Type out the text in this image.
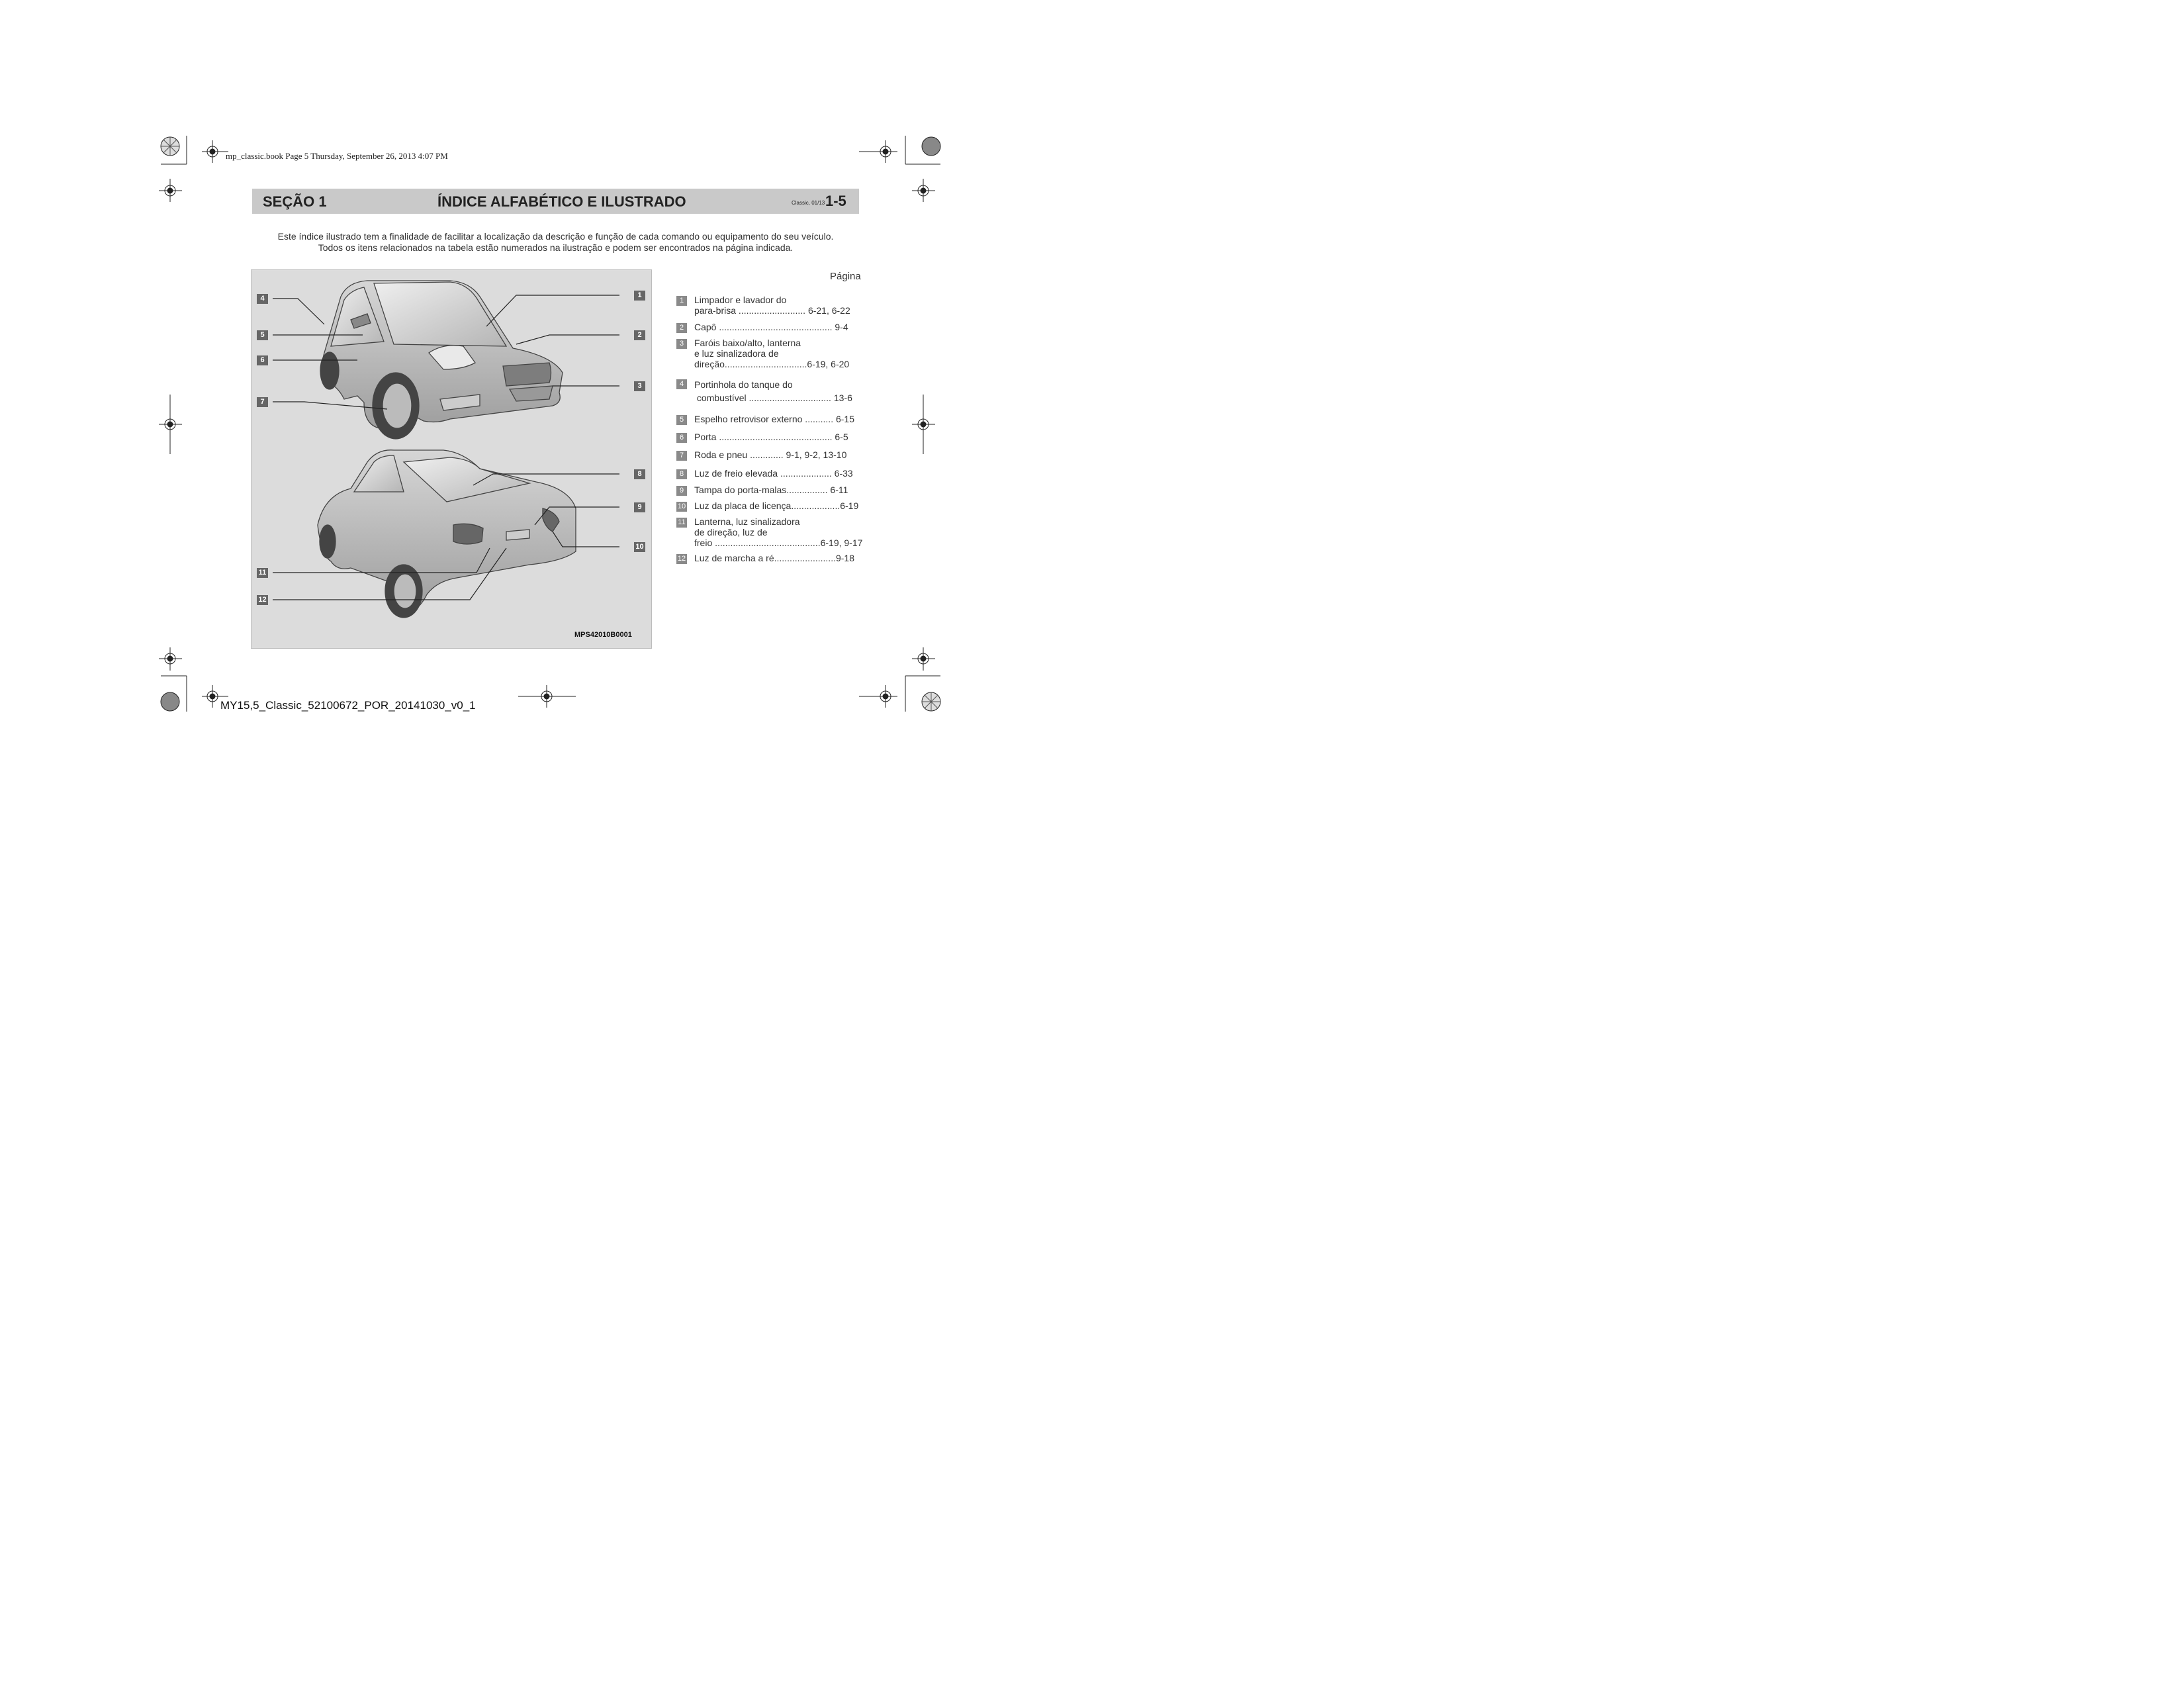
mp_classic.book Page 5 Thursday, September 26, 2013 4:07 PM
SEÇÃO 1	ÍNDICE ALFABÉTICO E ILUSTRADO	Classic, 01/13 1-5
Este índice ilustrado tem a finalidade de facilitar a localização da descrição e função de cada comando ou equipamento do seu veículo.
Todos os itens relacionados na tabela estão numerados na ilustração e podem ser encontrados na página indicada.
4
5
6
7
1
2
3
8
9
10
11
12
MPS42010B0001
Página
1	Limpador e lavador do
para-brisa .......................... 6-21, 6-22
2	Capô ............................................ 9-4
3	Faróis baixo/alto, lanterna
e luz sinalizadora de
direção................................6-19, 6-20
4	Portinhola do tanque do
combustível ................................ 13-6
5	Espelho retrovisor externo ........... 6-15
6	Porta ............................................ 6-5
7	Roda e pneu ............. 9-1, 9-2, 13-10
8	Luz de freio elevada .................... 6-33
9	Tampa do porta-malas................ 6-11
10 Luz da placa de licença...................6-19
11 Lanterna, luz sinalizadora
de direção, luz de
freio .........................................6-19, 9-17
12 Luz de marcha a ré........................9-18
MY15,5_Classic_52100672_POR_20141030_v0_1
